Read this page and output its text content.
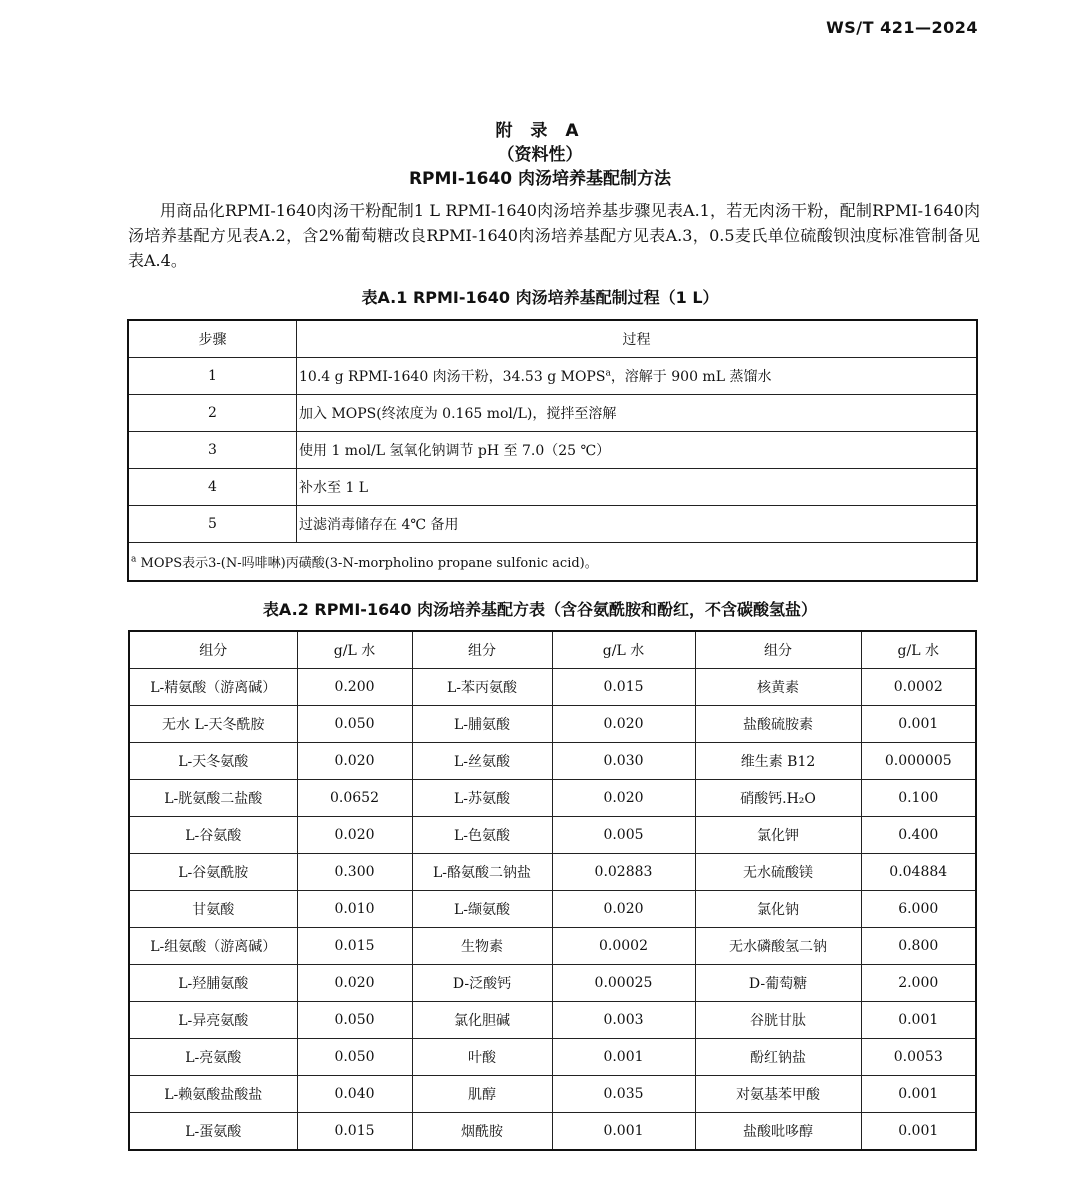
WS/T 421—2024
附 录 A
（资料性）
RPMI-1640 肉汤培养基配制方法

用商品化RPMI-1640肉汤干粉配制1 L RPMI-1640肉汤培养基步骤见表A.1，若无肉汤干粉，配制RPMI-1640肉汤培养基配方见表A.2，含2%葡萄糖改良RPMI-1640肉汤培养基配方见表A.3，0.5麦氏单位硫酸钡浊度标准管制备见表A.4。

表A.1 RPMI-1640 肉汤培养基配制过程（1 L）
步骤	过程
1	10.4 g RPMI-1640 肉汤干粉，34.53 g MOPS$^a$，溶解于 900 mL 蒸馏水
2	加入 MOPS(终浓度为 0.165 mol/L)，搅拌至溶解
3	使用 1 mol/L 氢氧化钠调节 pH 至 7.0（25 ℃）
4	补水至 1 L
5	过滤消毒储存在 4℃ 备用
$^a$ MOPS表示3-(N-吗啡啉)丙磺酸(3-N-morpholino propane sulfonic acid)。	
表A.2 RPMI-1640 肉汤培养基配方表（含谷氨酰胺和酚红，不含碳酸氢盐）
组分	g/L 水	组分	g/L 水	组分	g/L 水
L-精氨酸（游离碱）	0.200	L-苯丙氨酸	0.015	核黄素	0.0002
无水 L-天冬酰胺	0.050	L-脯氨酸	0.020	盐酸硫胺素	0.001
L-天冬氨酸	0.020	L-丝氨酸	0.030	维生素 B12	0.000005
L-胱氨酸二盐酸	0.0652	L-苏氨酸	0.020	硝酸钙.H₂O	0.100
L-谷氨酸	0.020	L-色氨酸	0.005	氯化钾	0.400
L-谷氨酰胺	0.300	L-酪氨酸二钠盐	0.02883	无水硫酸镁	0.04884
甘氨酸	0.010	L-缬氨酸	0.020	氯化钠	6.000
L-组氨酸（游离碱）	0.015	生物素	0.0002	无水磷酸氢二钠	0.800
L-羟脯氨酸	0.020	D-泛酸钙	0.00025	D-葡萄糖	2.000
L-异亮氨酸	0.050	氯化胆碱	0.003	谷胱甘肽	0.001
L-亮氨酸	0.050	叶酸	0.001	酚红钠盐	0.0053
L-赖氨酸盐酸盐	0.040	肌醇	0.035	对氨基苯甲酸	0.001
L-蛋氨酸	0.015	烟酰胺	0.001	盐酸吡哆醇	0.001
